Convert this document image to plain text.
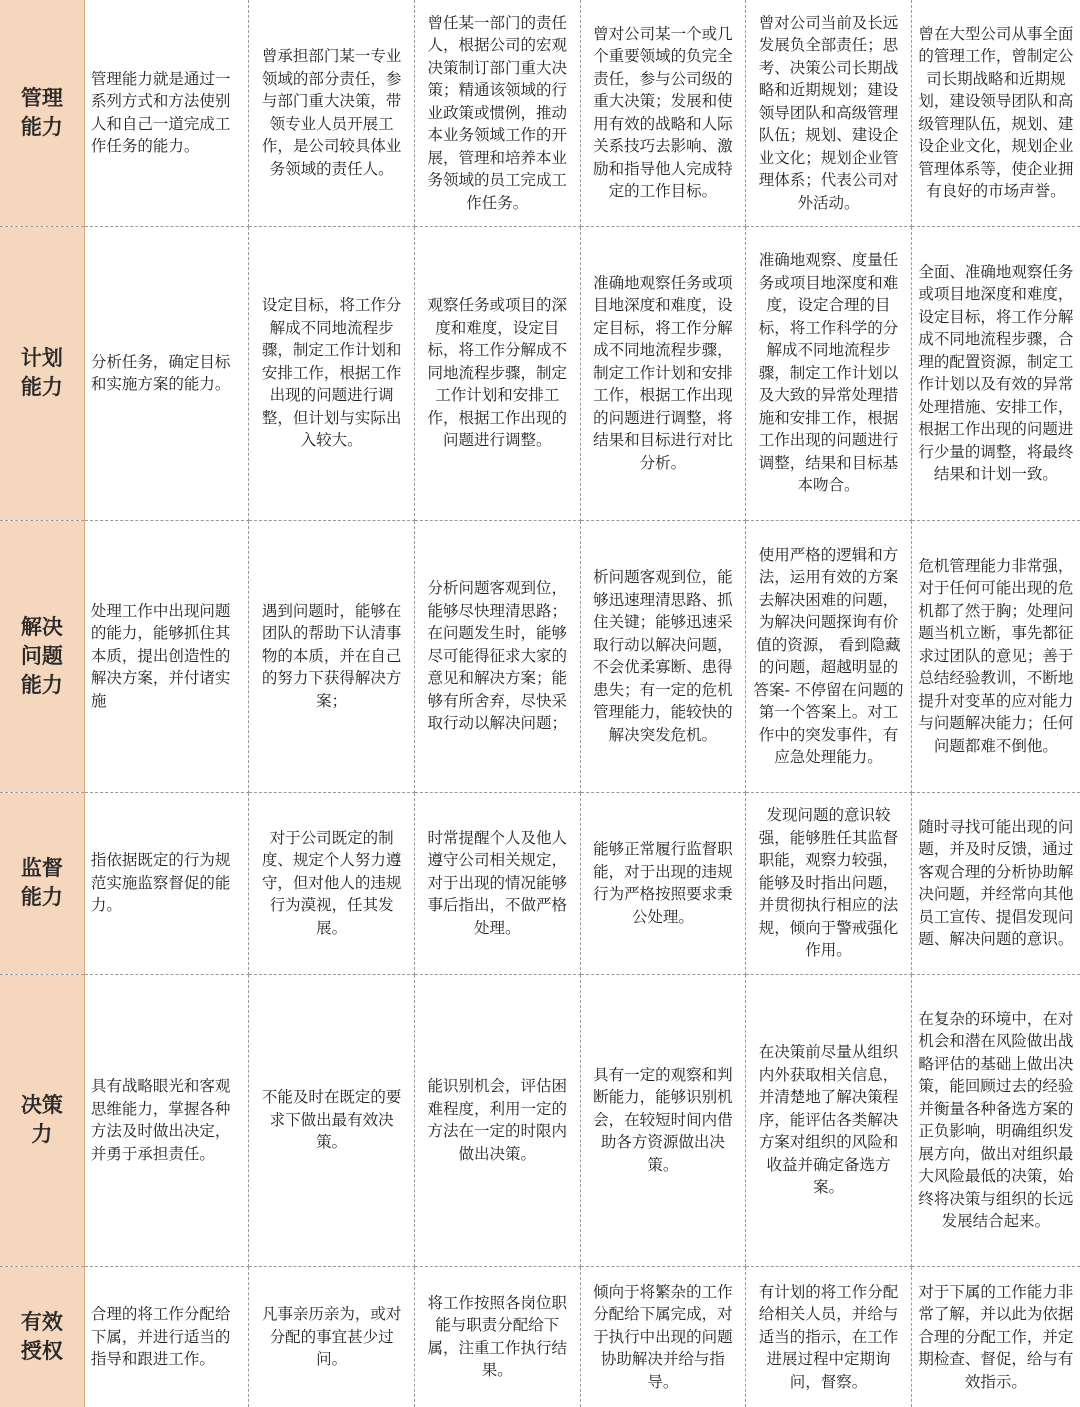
管理能力	管理能力就是通过一系列方式和方法使别人和自己一道完成工作任务的能力。	曾承担部门某一专业领域的部分责任，参与部门重大决策，带领专业人员开展工作，是公司较具体业务领域的责任人。	曾任某一部门的责任人，根据公司的宏观决策制订部门重大决策；精通该领域的行业政策或惯例，推动本业务领域工作的开展，管理和培养本业务领域的员工完成工作任务。	曾对公司某一个或几个重要领域的负完全责任，参与公司级的重大决策；发展和使用有效的战略和人际关系技巧去影响、激励和指导他人完成特定的工作目标。	曾对公司当前及长远发展负全部责任；思考、决策公司长期战略和近期规划；建设领导团队和高级管理队伍；规划、建设企业文化；规划企业管理体系；代表公司对外活动。	曾在大型公司从事全面的管理工作，曾制定公司长期战略和近期规划，建设领导团队和高级管理队伍，规划、建设企业文化，规划企业管理体系等，使企业拥有良好的市场声誉。
计划能力	分析任务，确定目标和实施方案的能力。	设定目标，将工作分解成不同地流程步骤，制定工作计划和安排工作，根据工作出现的问题进行调整，但计划与实际出入较大。	观察任务或项目的深度和难度，设定目标，将工作分解成不同地流程步骤，制定工作计划和安排工作，根据工作出现的问题进行调整。	准确地观察任务或项目地深度和难度，设定目标，将工作分解成不同地流程步骤，制定工作计划和安排工作，根据工作出现的问题进行调整，将结果和目标进行对比分析。	准确地观察、度量任务或项目地深度和难度，设定合理的目标，将工作科学的分解成不同地流程步骤，制定工作计划以及大致的异常处理措施和安排工作，根据工作出现的问题进行调整，结果和目标基本吻合。	全面、准确地观察任务或项目地深度和难度，设定目标，将工作分解成不同地流程步骤，合理的配置资源，制定工作计划以及有效的异常处理措施、安排工作，根据工作出现的问题进行少量的调整，将最终结果和计划一致。
解决问题能力	处理工作中出现问题的能力，能够抓住其本质，提出创造性的解决方案，并付诸实施	遇到问题时，能够在团队的帮助下认清事物的本质，并在自己的努力下获得解决方案；	分析问题客观到位，能够尽快理清思路；在问题发生时，能够尽可能得征求大家的意见和解决方案；能够有所舍弃，尽快采取行动以解决问题；	析问题客观到位，能够迅速理清思路、抓住关键；能够迅速采取行动以解决问题，不会优柔寡断、患得患失；有一定的危机管理能力，能较快的解决突发危机。	使用严格的逻辑和方法，运用有效的方案去解决困难的问题，为解决问题探询有价值的资源， 看到隐藏的问题，超越明显的答案- 不停留在问题的第一个答案上。对工作中的突发事件，有应急处理能力。	危机管理能力非常强，对于任何可能出现的危机都了然于胸；处理问题当机立断，事先都征求过团队的意见；善于总结经验教训，不断地提升对变革的应对能力与问题解决能力；任何问题都难不倒他。
监督能力	指依据既定的行为规范实施监察督促的能力。	对于公司既定的制度、规定个人努力遵守，但对他人的违规行为漠视，任其发展。	时常提醒个人及他人遵守公司相关规定，对于出现的情况能够事后指出，不做严格处理。	能够正常履行监督职能，对于出现的违规行为严格按照要求秉公处理。	发现问题的意识较强，能够胜任其监督职能，观察力较强，能够及时指出问题，并贯彻执行相应的法规，倾向于警戒强化作用。	随时寻找可能出现的问题，并及时反馈，通过客观合理的分析协助解决问题，并经常向其他员工宣传、提倡发现问题、解决问题的意识。
决策力	具有战略眼光和客观思维能力，掌握各种方法及时做出决定，并勇于承担责任。	不能及时在既定的要求下做出最有效决策。	能识别机会，评估困难程度，利用一定的方法在一定的时限内做出决策。	具有一定的观察和判断能力，能够识别机会，在较短时间内借助各方资源做出决策。	在决策前尽量从组织内外获取相关信息，并清楚地了解决策程序，能评估各类解决方案对组织的风险和收益并确定备选方案。	在复杂的环境中，在对机会和潜在风险做出战略评估的基础上做出决策，能回顾过去的经验并衡量各种备选方案的正负影响，明确组织发展方向，做出对组织最大风险最低的决策，始终将决策与组织的长远发展结合起来。
有效授权	合理的将工作分配给下属，并进行适当的指导和跟进工作。	凡事亲历亲为，或对分配的事宜甚少过问。	将工作按照各岗位职能与职责分配给下属，注重工作执行结果。	倾向于将繁杂的工作分配给下属完成，对于执行中出现的问题协助解决并给与指导。	有计划的将工作分配给相关人员，并给与适当的指示，在工作进展过程中定期询问，督察。	对于下属的工作能力非常了解，并以此为依据合理的分配工作，并定期检查、督促，给与有效指示。
